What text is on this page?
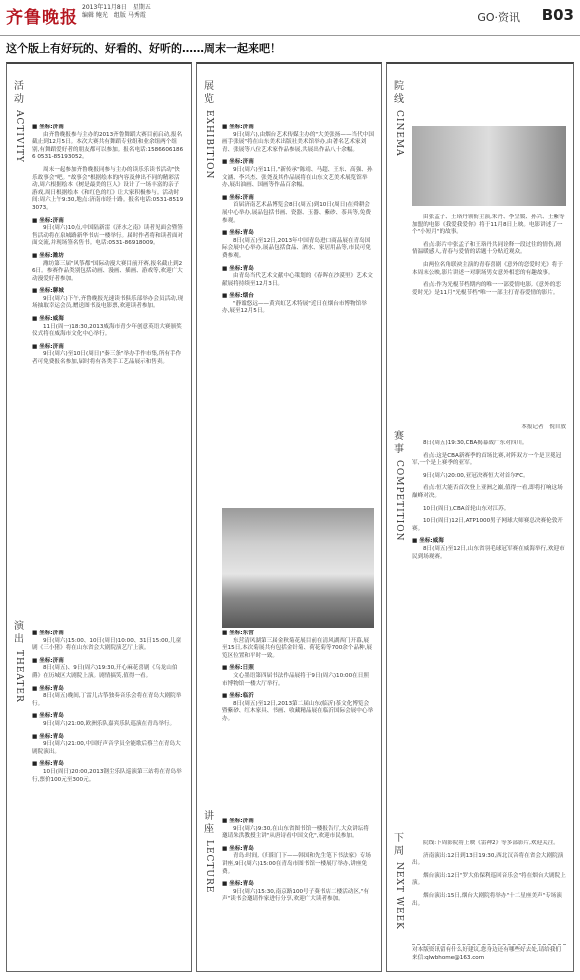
齐鲁晚报
2013年11月8日　星期五
编辑 鲍光　组版 马秀霞	GO·资讯 B03
这个版上有好玩的、好看的、好听的……周末一起来吧！
活动
ACTIVITY	■ 坐标:济南

由齐鲁晚报参与主办的2013齐鲁舞蹈大赛目前启动,报名截止到12月5日。本次大赛共有舞蹈专业组和业余组两个组别,有舞蹈爱好者的朋友都可以参加。报名电话:15866061866 0531-85193052。

周末一起参加齐鲁晚报同参与主办的读乐乐读书活动"快乐故事会"吧。"故事会"根据绘本的内容及伸出不同的精彩活动,周六根据绘本《树是最美的巨人》设计了一场丰富的亲子游戏,周日根据绘本《和红色的红》让大家积极参与。活动时间:周六上午9:30,地点:济南市经十路。报名电话:0531-85193073。

■ 坐标:济南

9日(周六)10点,中国陆新雷《济水之南》读者见面会暨签售活动将在泉城路新华书店一楼举行。届时作者将和读者面对面交流,并现场签名售书。电话:0531-86918009。

■ 坐标:潍坊

潍坊第三届"风筝都"国际动漫大赛目前开赛,报名截止到26日。参赛作品类别包括动画、漫画、插画、游戏等,欢迎广大动漫爱好者参加。

■ 坐标:聊城

9日(周六)下午,齐鲁晚报光速读书俱乐部举办会员活动,现场抽取幸运会员,赠送图书及电影票,欢迎读者参加。

■ 坐标:威海

11日(周一)18:30,2013威海市青少年创意英语大赛颁奖仪式将在威海市文化中心举行。

■ 坐标:济南

9日(周六)至10日(周日)"秦三条"举办手作市集,所有手作者可免费报名参加,届时将有各类手工艺品展示和售卖。

演出
THEATER
■ 坐标:济南

9日(周六)15:00、10日(周日)10:00、31日15:00,儿童剧《三小猪》将在山东省会大剧院演艺厅上演。

■ 坐标:济南

8日(周五)、9日(周六)19:30,开心麻花喜剧《乌龙山伯爵》在历城区大剧院上演。剧情搞笑,值得一看。

■ 坐标:青岛

8日(周五)晚间,丁雷儿古筝独奏音乐会将在青岛大剧院举行。

■ 坐标:青岛

9日(周六)21:00,欧洲乐队嘉宾乐队巡演在青岛举行。

■ 坐标:青岛

9日(周六)21:00,中国好声音学员全能歌后蔡兰在青岛大剧院演出。

■ 坐标:青岛

10日(周日)20:00,2013钢尘乐队巡演第三站将在青岛举行,票价100元至300元。

展览
EXHIBITION	■ 坐标:济南

9日(周六),由烟台艺术传媒主办的"大美张扬——当代中国画手张展"将在山东美术出版社美术馆举办,由著名艺术家刘青、张展等八位艺术家作品参展,共展出作品八十余幅。

■ 坐标:济南

9日(周六)至11日,"新传承"陈靖、马超、王东、高强、孙文涵、李兴杰、张尧及其作品展将在山东文艺美术展览馆举办,展出油画、国画等作品百余幅。

■ 坐标:济南

首届济南艺术品博览会8日(周五)到10日(周日)在舜耕会展中心举办,展品包括书画、瓷器、玉器、紫砂、茶具等,免费参观。

■ 坐标:青岛

8日(周五)至12日,2013年中国青岛进口商品展在青岛国际会展中心举办,展品包括食品、酒水、家居用品等,市民可免费参观。

■ 坐标:青岛

由青岛当代艺术文献中心策划的《春晖在沙漠里》艺术文献展将持续至12月3日。

■ 坐标:烟台

"静谧悠远——黄宾虹艺术特展"近日在烟台市博物馆举办,展至12月5日。

■ 坐标:东营

东营清风湖第三届金秋菊花展目前在清风湖西门开幕,展至15日,本次菊展共有包括金针菊、荷花菊等700余个品种,展览区位置和平时一致。

■ 坐标:日照

文心墨语第四届书法作品展将于9日(周六)10:00在日照市博物馆一楼大厅举行。

■ 坐标:临沂

8日(周五)至12日,2013第二届山东(临沂)茶文化博览会暨紫砂、红木家具、书画、收藏精品展在临沂国际会展中心举办。

讲座
LECTURE
■ 坐标:济南

9日(周六)9:30,在山东省图书馆一楼报告厅,大众讲坛将邀请朱洪教授主讲"从唐诗看中国文化",欢迎市民参加。

■ 坐标:青岛

青岛:时间,《归阳门下——韩国和先生笔下书法家》专场讲座,9日(周六)15:00在青岛市图书馆一楼展厅举办,讲座免费。

■ 坐标:青岛

9日(周六)15:30,南京路100号子葵书店二楼活动区,"有声"读书会邀请作家进行分享,欢迎广大读者参加。

院线
CINEMA

由张孟子、王珞丹领衔主演,朱丹、李呈媛、孙兴、王紫等加盟的电影《我爱我爱你》将于11月8日上映。电影讲述了一个"小短月"的故事。

看点:影片中张孟子和王珞丹共同诠释一段过往的情伤,剧情温暖感人,青春与爱情的话题十分贴近观众。

由两位名角联袂主演的青春喜剧《意外的恋爱时光》将于本周末公映,影片讲述一对职场男女意外相恋的有趣故事。

看点:作为光棍节档期内的唯一一部爱情电影,《意外的恋爱时光》是11月"光棍节档"唯一一部主打青春爱情的影片。

本报记者　倪自放
赛事
COMPETITION

8日(周五)19:30,CBA揭幕战广东对四川。

看点:这是CBA新赛季的首场比赛,对阵双方一个是卫冕冠军,一个是上赛季的亚军。

9日(周六)20:00,亚冠决赛恒大对首尔FC。

看点:恒大能否首次登上亚洲之巅,值得一看,即将打响这场巅峰对决。

10日(周日),CBA首轮山东对江苏。

10日(周日)12日,ATP1000男子网球大师赛总决赛伦敦开赛。

■ 坐标:威海

8日(周五)至12日,山东省羽毛球冠军赛在威海举行,欢迎市民到场观赛。

下周
NEXT WEEK

院线:下周影院将上映《雷神2》等多部影片,欢迎关注。

济南演出:12日到13日19:30,西北汉音将在省会大剧院演出。

烟台演出:12日"罗大佑保利巡回音乐会"将在烟台大剧院上演。

烟台演出:15日,烟台大剧院将举办"十二星座美声"专场演出。

对本版资讯留有什么好建议,您身边还有哪些好去处,请给我们来信:qlwbhome@163.com
